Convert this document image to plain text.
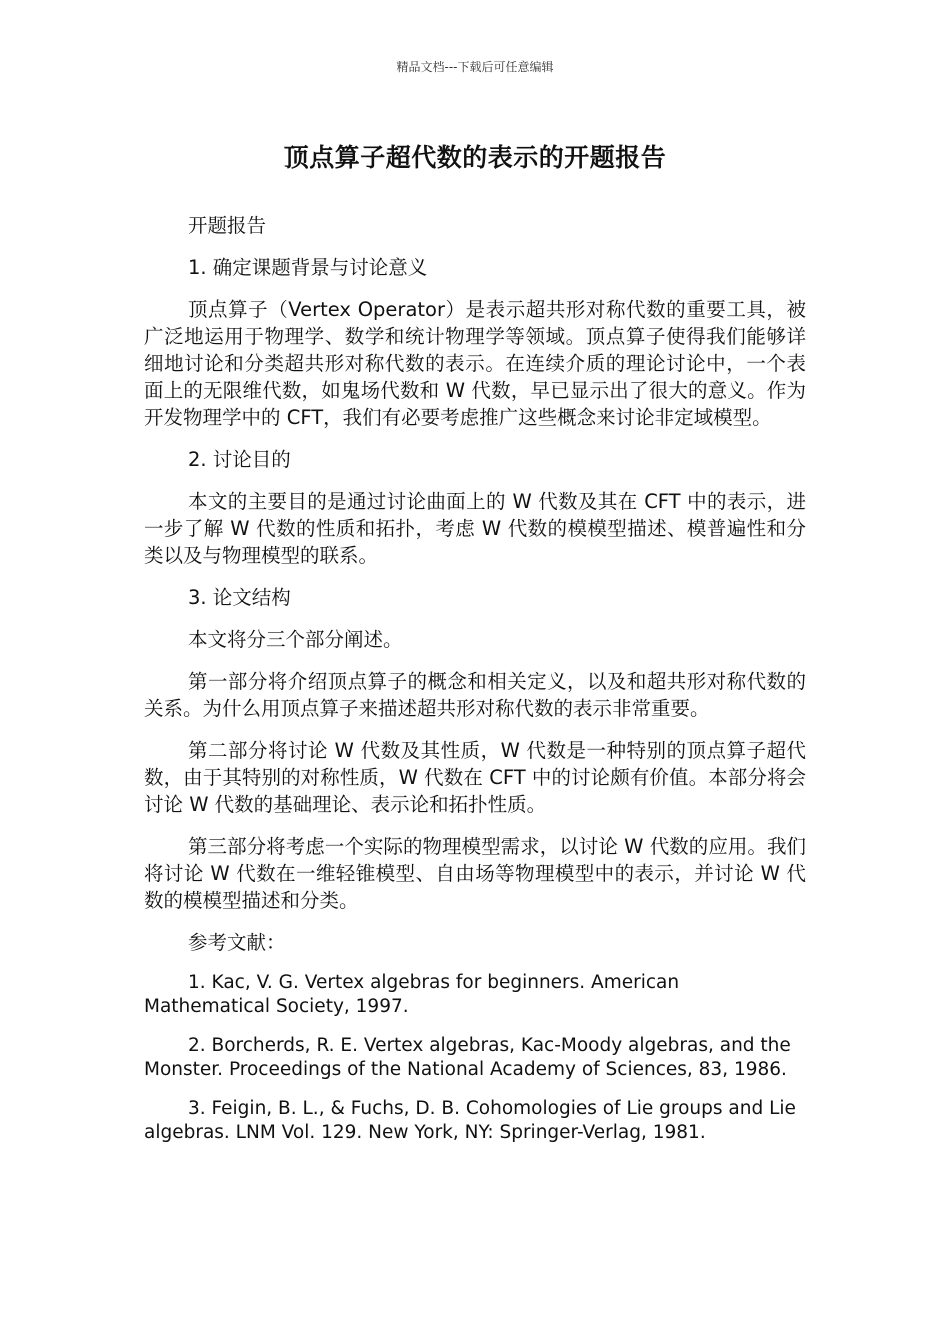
精品文档---下载后可任意编辑
顶点算子超代数的表示的开题报告

开题报告

1. 确定课题背景与讨论意义

顶点算子（Vertex Operator）是表示超共形对称代数的重要工具，被广泛地运用于物理学、数学和统计物理学等领域。顶点算子使得我们能够详细地讨论和分类超共形对称代数的表示。在连续介质的理论讨论中，一个表面上的无限维代数，如鬼场代数和 W 代数，早已显示出了很大的意义。作为开发物理学中的 CFT，我们有必要考虑推广这些概念来讨论非定域模型。

2. 讨论目的

本文的主要目的是通过讨论曲面上的 W 代数及其在 CFT 中的表示，进一步了解 W 代数的性质和拓扑，考虑 W 代数的模模型描述、模普遍性和分类以及与物理模型的联系。

3. 论文结构

本文将分三个部分阐述。

第一部分将介绍顶点算子的概念和相关定义，以及和超共形对称代数的关系。为什么用顶点算子来描述超共形对称代数的表示非常重要。

第二部分将讨论 W 代数及其性质，W 代数是一种特别的顶点算子超代数，由于其特别的对称性质，W 代数在 CFT 中的讨论颇有价值。本部分将会讨论 W 代数的基础理论、表示论和拓扑性质。

第三部分将考虑一个实际的物理模型需求，以讨论 W 代数的应用。我们将讨论 W 代数在一维轻锥模型、自由场等物理模型中的表示，并讨论 W 代数的模模型描述和分类。

参考文献：

1. Kac, V. G. Vertex algebras for beginners. American Mathematical Society, 1997.

2. Borcherds, R. E. Vertex algebras, Kac-Moody algebras, and the Monster. Proceedings of the National Academy of Sciences, 83, 1986.

3. Feigin, B. L., & Fuchs, D. B. Cohomologies of Lie groups and Lie algebras. LNM Vol. 129. New York, NY: Springer-Verlag, 1981.
